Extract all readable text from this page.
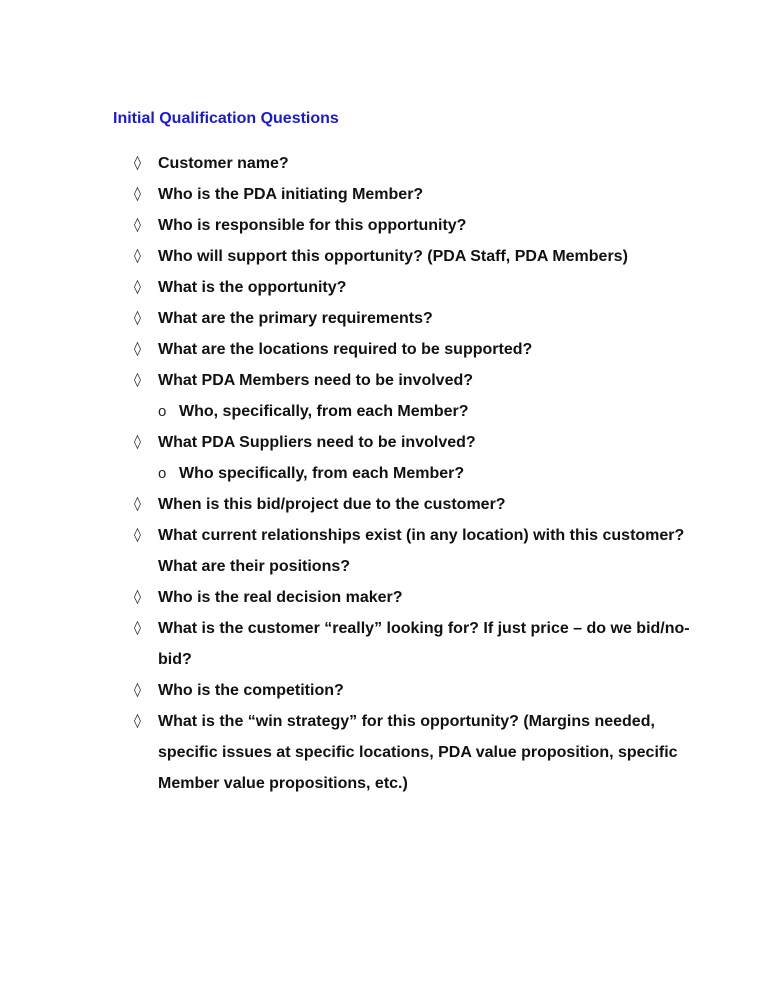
Initial Qualification Questions
◊	Customer name?
◊	Who is the PDA initiating Member?
◊	Who is responsible for this opportunity?
◊	Who will support this opportunity? (PDA Staff, PDA Members)
◊	What is the opportunity?
◊	What are the primary requirements?
◊	What are the locations required to be supported?
◊	What PDA Members need to be involved?
o Who, specifically, from each Member?
◊	What PDA Suppliers need to be involved?
o Who specifically, from each Member?
◊	When is this bid/project due to the customer?
◊	What current relationships exist (in any location) with this customer? What are their positions?
◊	Who is the real decision maker?
◊	What is the customer “really” looking for? If just price – do we bid/no-bid?
◊	Who is the competition?
◊	What is the “win strategy” for this opportunity? (Margins needed, specific issues at specific locations, PDA value proposition, specific Member value propositions, etc.)
